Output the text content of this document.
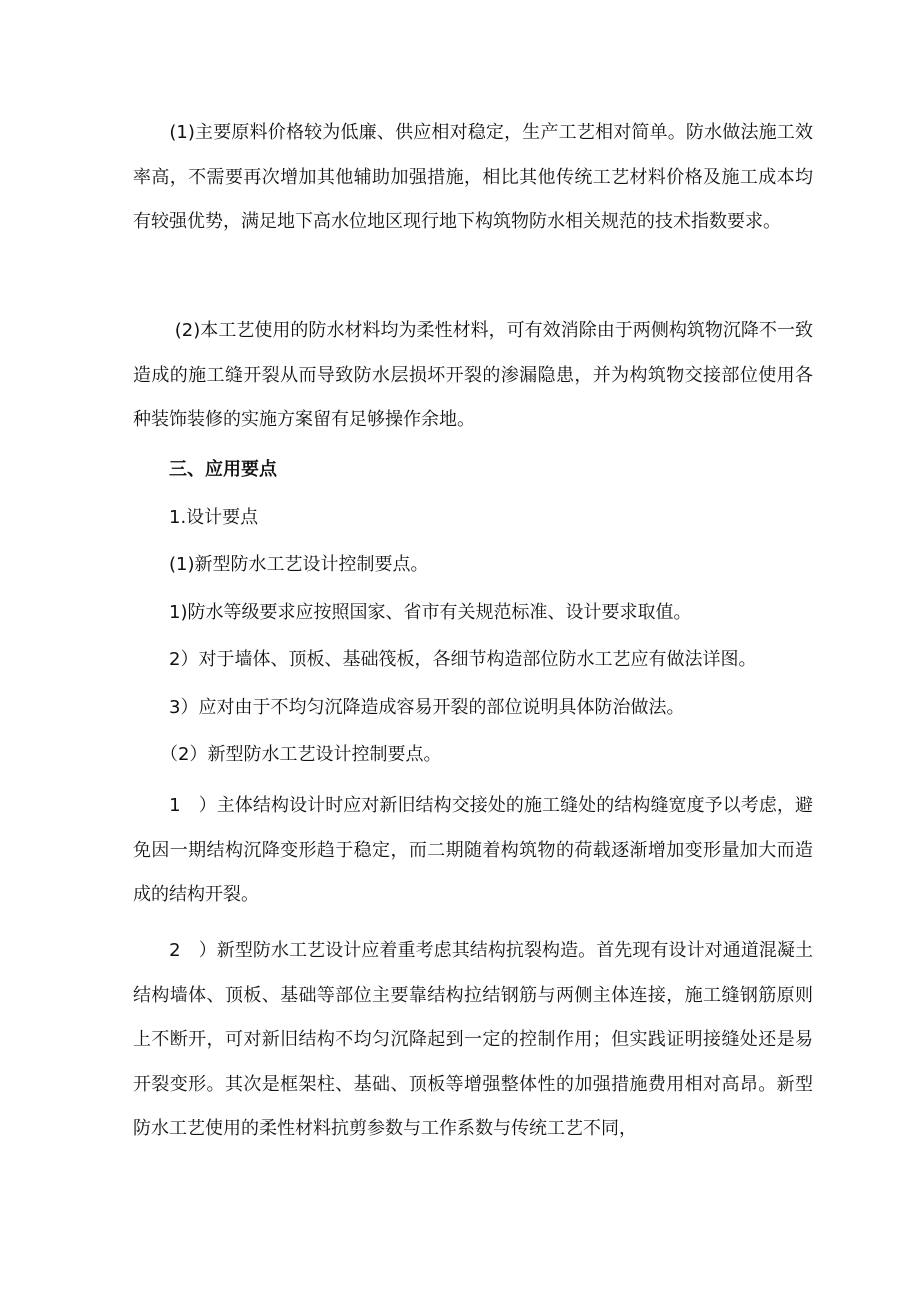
　　(1)主要原料价格较为低廉、供应相对稳定，生产工艺相对简单。防水做法施工效率高，不需要再次增加其他辅助加强措施，相比其他传统工艺材料价格及施工成本均有较强优势，满足地下高水位地区现行地下构筑物防水相关规范的技术指数要求。

　　 (2)本工艺使用的防水材料均为柔性材料，可有效消除由于两侧构筑物沉降不一致造成的施工缝开裂从而导致防水层损坏开裂的渗漏隐患，并为构筑物交接部位使用各种装饰装修的实施方案留有足够操作余地。

　　三、应用要点

　　1.设计要点

　　(1)新型防水工艺设计控制要点。

　　1)防水等级要求应按照国家、省市有关规范标准、设计要求取值。

　　2）对于墙体、顶板、基础筏板，各细节构造部位防水工艺应有做法详图。

　　3）应对由于不均匀沉降造成容易开裂的部位说明具体防治做法。

　　（2）新型防水工艺设计控制要点。

　　1　）主体结构设计时应对新旧结构交接处的施工缝处的结构缝宽度予以考虑，避免因一期结构沉降变形趋于稳定，而二期随着构筑物的荷载逐渐增加变形量加大而造成的结构开裂。

　　2　）新型防水工艺设计应着重考虑其结构抗裂构造。首先现有设计对通道混凝土结构墙体、顶板、基础等部位主要靠结构拉结钢筋与两侧主体连接，施工缝钢筋原则上不断开，可对新旧结构不均匀沉降起到一定的控制作用；但实践证明接缝处还是易开裂变形。其次是框架柱、基础、顶板等增强整体性的加强措施费用相对高昂。新型防水工艺使用的柔性材料抗剪参数与工作系数与传统工艺不同，
